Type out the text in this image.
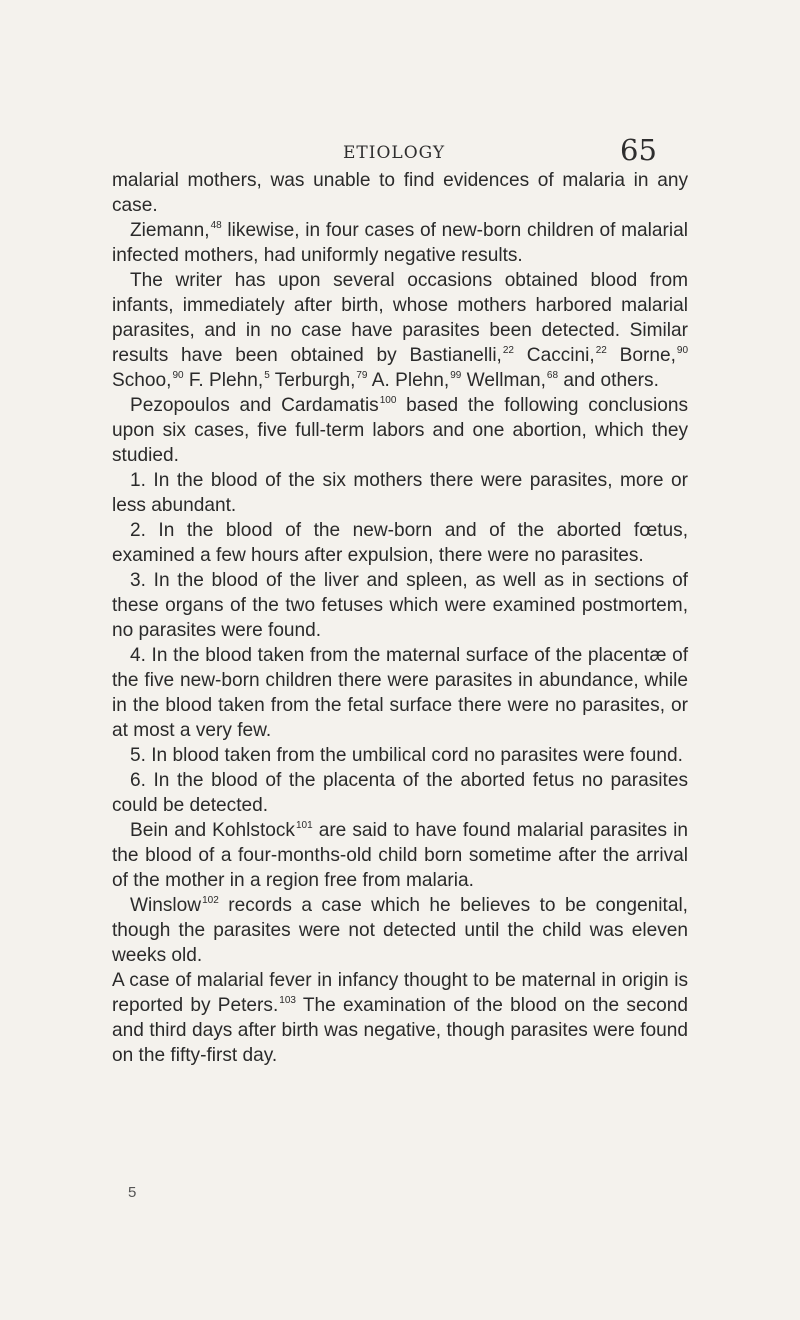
ETIOLOGY	65

malarial mothers, was unable to find evidences of malaria in any case.

Ziemann,$^{48}$ likewise, in four cases of new-born children of malarial infected mothers, had uniformly negative results.

The writer has upon several occasions obtained blood from infants, immediately after birth, whose mothers harbored malarial parasites, and in no case have parasites been detected. Similar results have been obtained by Bastianelli,$^{22}$ Caccini,$^{22}$ Borne,$^{90}$ Schoo,$^{90}$ F. Plehn,$^5$ Terburgh,$^{79}$ A. Plehn,$^{99}$ Wellman,$^{68}$ and others.

Pezopoulos and Cardamatis$^{100}$ based the following conclusions upon six cases, five full-term labors and one abortion, which they studied.

1. In the blood of the six mothers there were parasites, more or less abundant.

2. In the blood of the new-born and of the aborted fœtus, examined a few hours after expulsion, there were no parasites.

3. In the blood of the liver and spleen, as well as in sections of these organs of the two fetuses which were examined postmortem, no parasites were found.

4. In the blood taken from the maternal surface of the placentæ of the five new-born children there were parasites in abundance, while in the blood taken from the fetal surface there were no parasites, or at most a very few.

5. In blood taken from the umbilical cord no parasites were found.

6. In the blood of the placenta of the aborted fetus no parasites could be detected.

Bein and Kohlstock$^{101}$ are said to have found malarial parasites in the blood of a four-months-old child born sometime after the arrival of the mother in a region free from malaria.

Winslow$^{102}$ records a case which he believes to be congenital, though the parasites were not detected until the child was eleven weeks old.

A case of malarial fever in infancy thought to be maternal in origin is reported by Peters.$^{103}$ The examination of the blood on the second and third days after birth was negative, though parasites were found on the fifty-first day.

5
